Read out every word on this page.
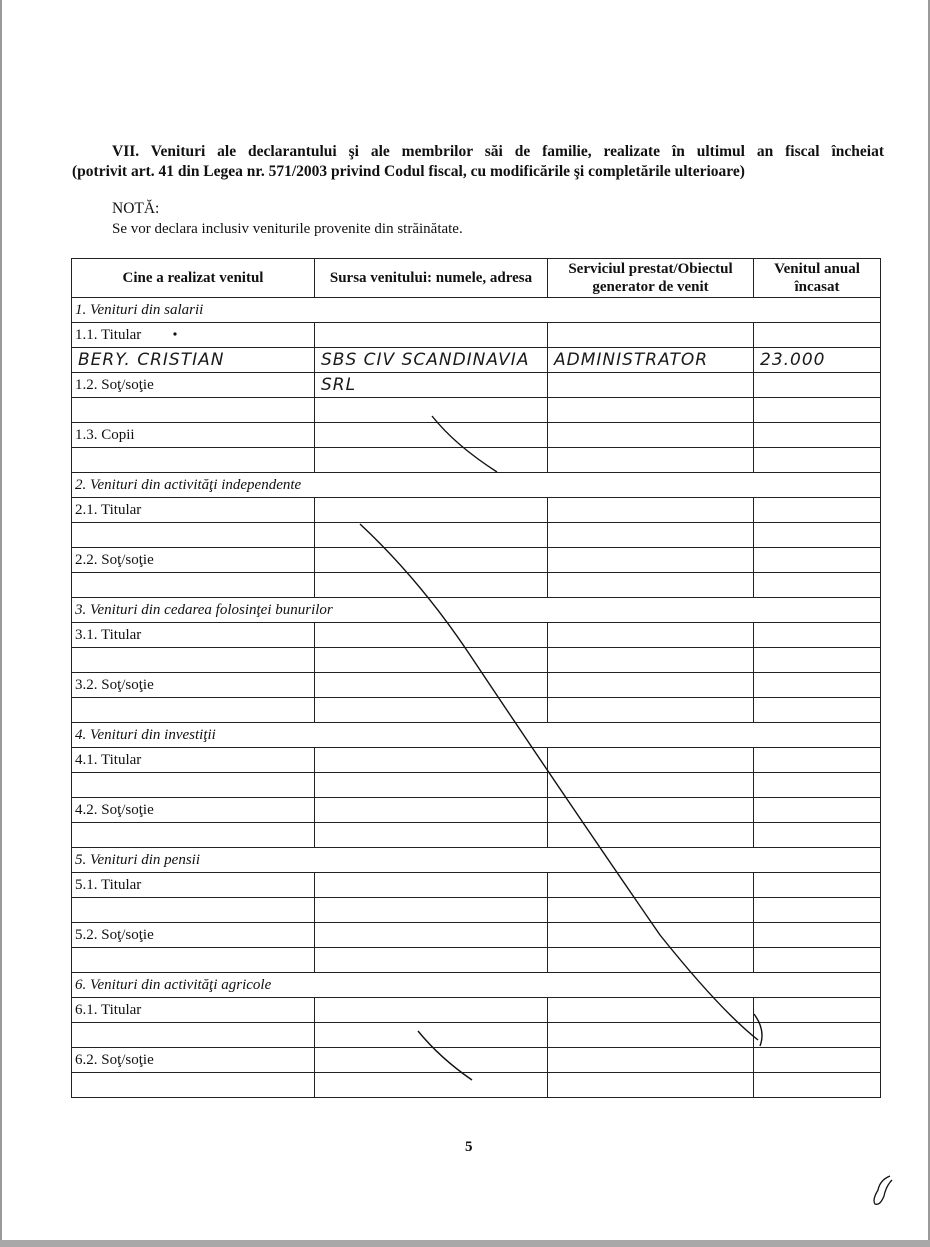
VII. Venituri ale declarantului şi ale membrilor săi de familie, realizate în ultimul an fiscal încheiat
(potrivit art. 41 din Legea nr. 571/2003 privind Codul fiscal, cu modificările şi completările ulterioare)
NOTĂ:
Se vor declara inclusiv veniturile provenite din străinătate.
Cine a realizat venitul	Sursa venitului: numele, adresa	Serviciul prestat/Obiectul generator de venit	Venitul anual încasat
1. Venituri din salarii			
1.1. Titular			
BERY. CRISTIAN	SBS CIV SCANDINAVIA	ADMINISTRATOR	23.000
1.2. Soţ/soţie	SRL		

1.3. Copii			

2. Venituri din activităţi independente			
2.1. Titular			

2.2. Soţ/soţie			

3. Venituri din cedarea folosinţei bunurilor			
3.1. Titular			

3.2. Soţ/soţie			

4. Venituri din investiţii			
4.1. Titular			

4.2. Soţ/soţie			

5. Venituri din pensii			
5.1. Titular			

5.2. Soţ/soţie			

6. Venituri din activităţi agricole			
6.1. Titular			

6.2. Soţ/soţie			

5
